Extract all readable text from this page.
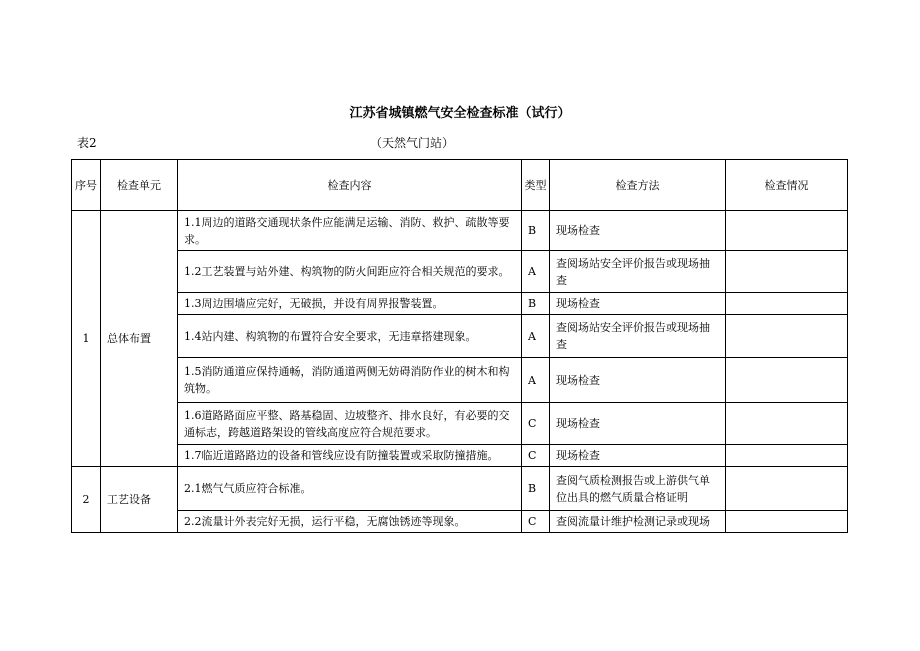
江苏省城镇燃气安全检查标准（试行）
表2	（天然气门站）
序号	检查单元	检查内容	类型	检查方法	检查情况
1	总体布置	1.1周边的道路交通现状条件应能满足运输、消防、救护、疏散等要求。	B	现场检查	
		1.2工艺装置与站外建、构筑物的防火间距应符合相关规范的要求。	A	查阅场站安全评价报告或现场抽查	
		1.3周边围墙应完好，无破损，并设有周界报警装置。	B	现场检查	
		1.4站内建、构筑物的布置符合安全要求，无违章搭建现象。	A	查阅场站安全评价报告或现场抽查	
		1.5消防通道应保持通畅，消防通道两侧无妨碍消防作业的树木和构筑物。	A	现场检查	
		1.6道路路面应平整、路基稳固、边坡整齐、排水良好，有必要的交通标志，跨越道路架设的管线高度应符合规范要求。	C	现场检查	
		1.7临近道路路边的设备和管线应设有防撞装置或采取防撞措施。	C	现场检查	
2	工艺设备	2.1燃气气质应符合标准。	B	查阅气质检测报告或上游供气单位出具的燃气质量合格证明	
		2.2流量计外表完好无损，运行平稳，无腐蚀锈迹等现象。	C	查阅流量计维护检测记录或现场	
